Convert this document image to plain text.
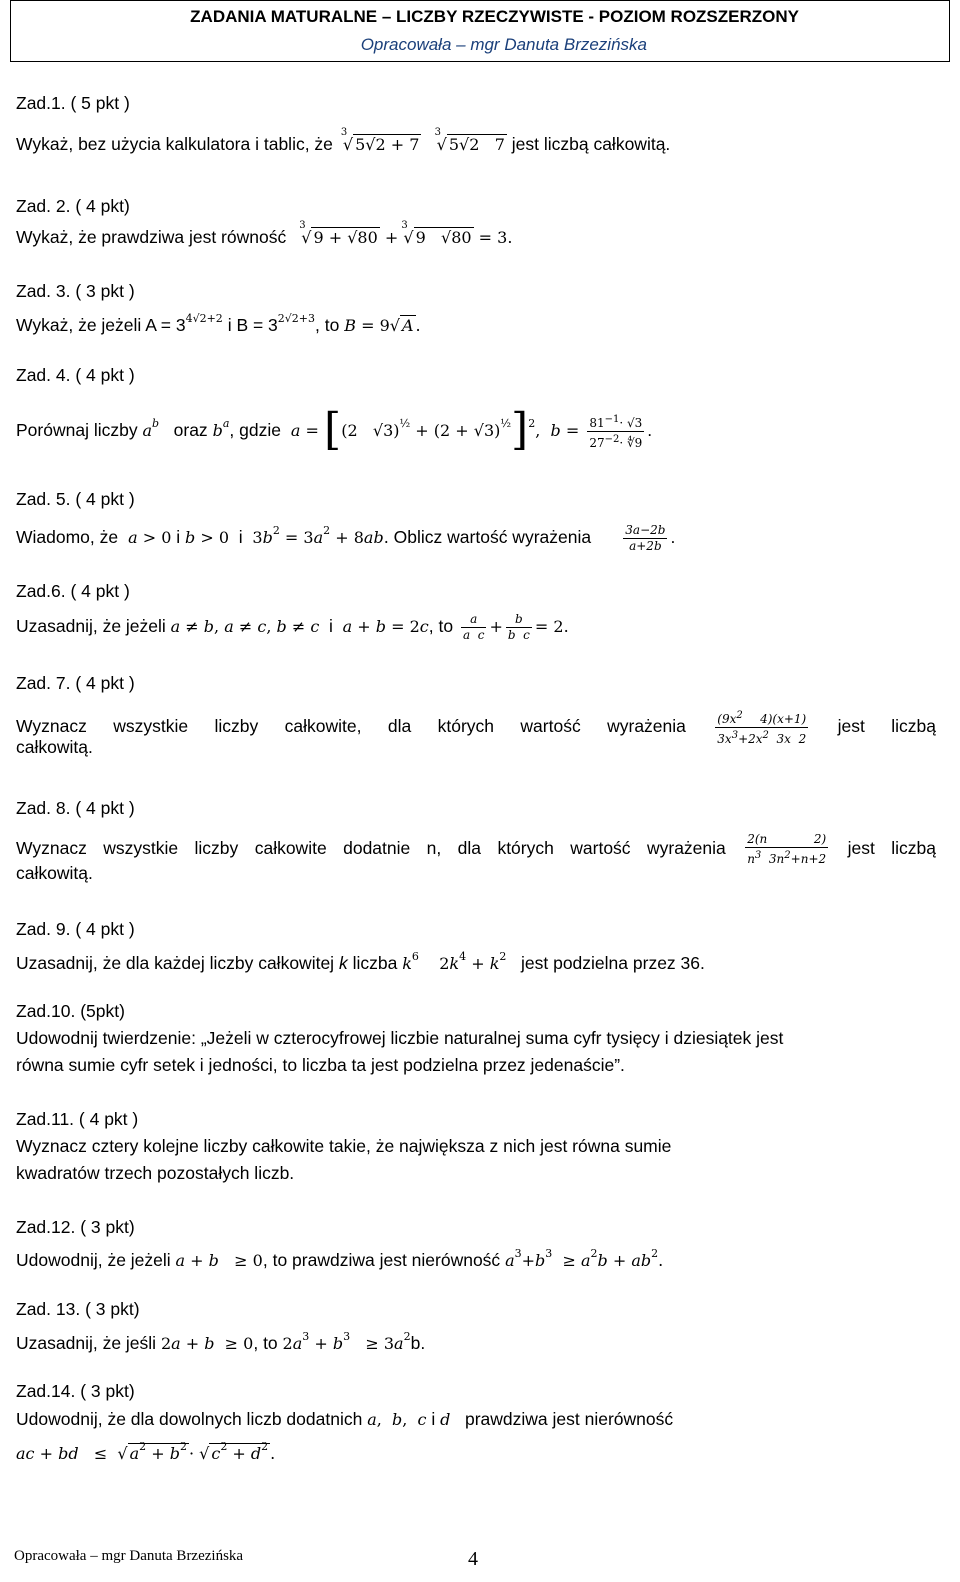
ZADANIA MATURALNE – LICZBY RZECZYWISTE - POZIOM ROZSZERZONY
Opracowała – mgr Danuta Brzezińska
Zad.1. ( 5 pkt )
Wykaż, bez użycia kalkulatora i tablic, że
3
√ 5√2 + 7
3
√ 5√2   7 jest liczbą całkowitą.
Zad. 2. ( 4 pkt)
Wykaż, że prawdziwa jest równość
3
√ 9 + √80 +
3
√ 9   √80 = 3.
Zad. 3. ( 3 pkt )
Wykaż, że jeżeli $A = 3^{4√2+2}$ i $B = 3^{2√2+3}$, to B = 9√ A .
Zad. 4. ( 4 pkt )
Porównaj liczby $a^b$ oraz $b^a$, gdzie a = [(2   $√3)^{\frac{1}{2}} + (2 + √3)^{\frac{1}{2}}]^2$,  $b = \frac{81^{-1}\cdot √3}{27^{-2}\cdot ∜9}$ .
Zad. 5. ( 4 pkt )
Wiadomo, że  a > 0 i b > 0 i $3b^2 = 3a^2 + 8ab$. Oblicz wartość wyrażenia	$\frac{3a-2b}{a+2b}$ .
Zad.6. ( 4 pkt )
Uzasadnij, że jeżeli a ≠ b, a ≠ c, b ≠ c i a + b = 2c, to $\frac{a}{\text{a  c}} + \frac{b}{\text{b  c}} = 2$.
Zad. 7. ( 4 pkt )
Wyznacz wszystkie liczby całkowite, dla których wartość wyrażenia $\frac{(9x^2 4)(x+1)}{3x^3+2x^2 3x 2}$ jest liczbą
całkowitą.
Zad. 8. ( 4 pkt )
Wyznacz wszystkie liczby całkowite dodatnie n, dla których wartość wyrażenia $\frac{2(n 2)}{n^3 3n^2+n+2}$ jest liczbą
całkowitą.
Zad. 9. ( 4 pkt )
Uzasadnij, że dla każdej liczby całkowitej k liczba $k^6$    $2k^4 + k^2$ jest podzielna przez 36.
Zad.10. (5pkt)
Udowodnij twierdzenie: „Jeżeli w czterocyfrowej liczbie naturalnej suma cyfr tysięcy i dziesiątek jest
równa sumie cyfr setek i jedności, to liczba ta jest podzielna przez jedenaście”.
Zad.11. ( 4 pkt )
Wyznacz cztery kolejne liczby całkowite takie, że największa z nich jest równa sumie
kwadratów trzech pozostałych liczb.
Zad.12. ( 3 pkt)
Udowodnij, że jeżeli a + b   ≥ 0, to prawdziwa jest nierówność $a^3+b^3 \ge a^2b + ab^2$.
Zad. 13. ( 3 pkt)
Uzasadnij, że jeśli 2a + b  ≥ 0, to $2a^3 + b^3 \ge 3a^2b$.
Zad.14. ( 3 pkt)
Udowodnij, że dla dowolnych liczb dodatnich a,  b,  c i d prawdziwa jest nierówność
ac + bd   ≤  √ $a^2 + b^2$ · √ $c^2 + d^2$ .
Opracowała – mgr Danuta Brzezińska	4
